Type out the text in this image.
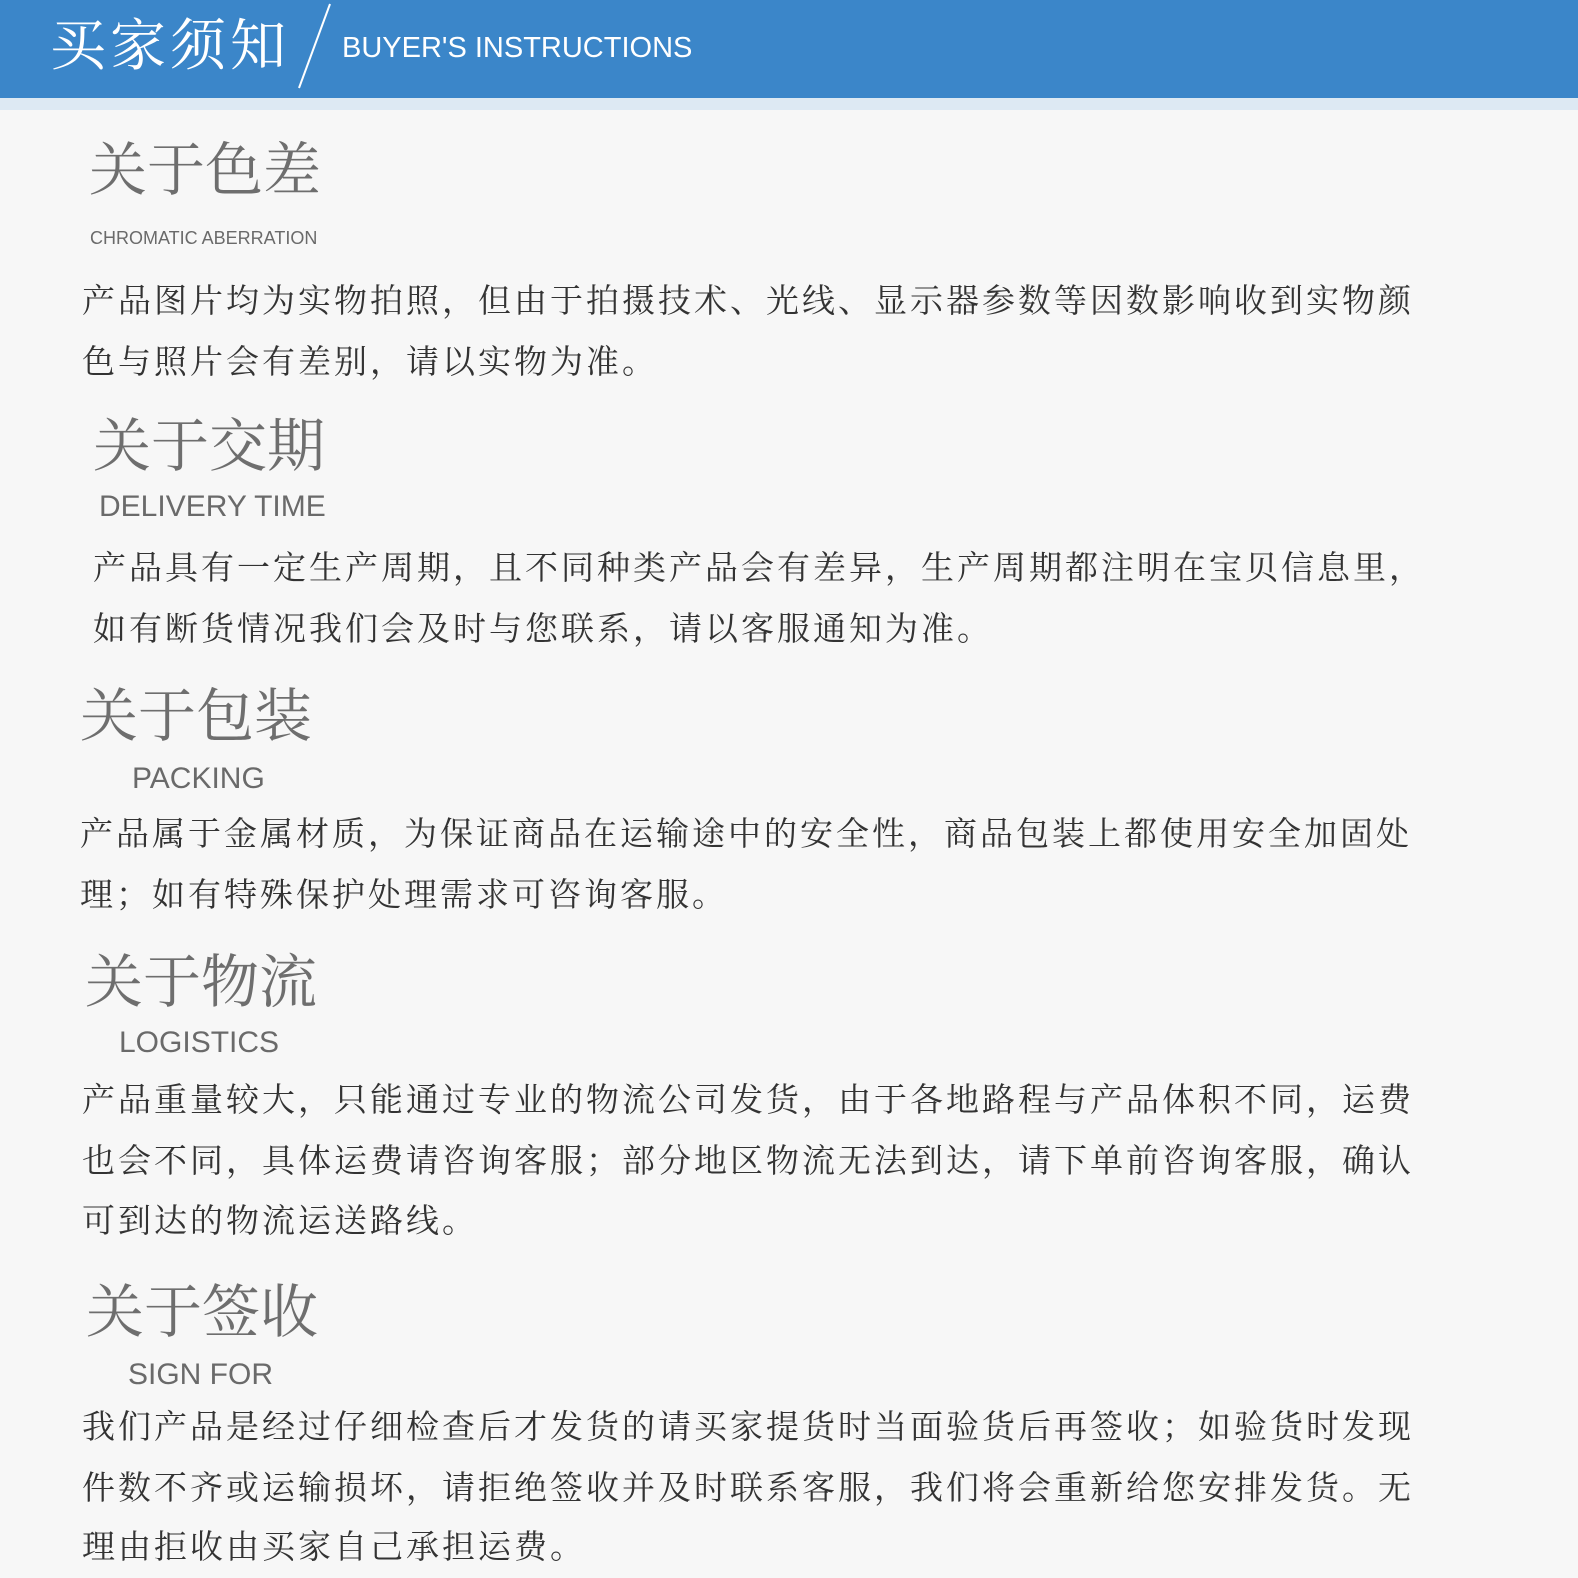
买家须知 BUYER'S INSTRUCTIONS
关于色差
CHROMATIC ABERRATION
产品图片均为实物拍照，但由于拍摄技术、光线、显示器参数等因数影响收到实物颜
色与照片会有差别，请以实物为准。
关于交期
DELIVERY TIME
产品具有一定生产周期，且不同种类产品会有差异，生产周期都注明在宝贝信息里，
如有断货情况我们会及时与您联系，请以客服通知为准。
关于包装
PACKING
产品属于金属材质，为保证商品在运输途中的安全性，商品包装上都使用安全加固处
理；如有特殊保护处理需求可咨询客服。
关于物流
LOGISTICS
产品重量较大，只能通过专业的物流公司发货，由于各地路程与产品体积不同，运费
也会不同，具体运费请咨询客服；部分地区物流无法到达，请下单前咨询客服，确认
可到达的物流运送路线。
关于签收
SIGN FOR
我们产品是经过仔细检查后才发货的请买家提货时当面验货后再签收；如验货时发现
件数不齐或运输损坏，请拒绝签收并及时联系客服，我们将会重新给您安排发货。无
理由拒收由买家自己承担运费。
